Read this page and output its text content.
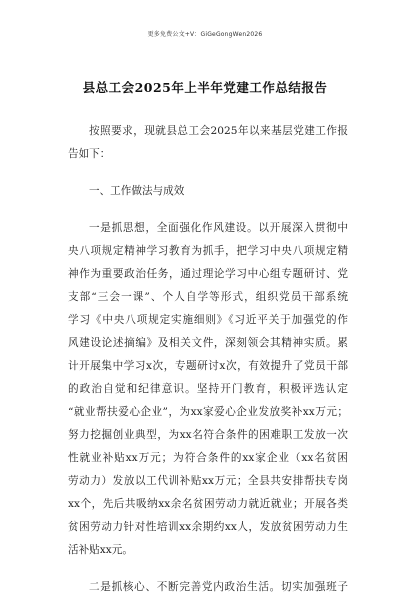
更多免费公文+V：GiGeGongWen2026
县总工会2025年上半年党建工作总结报告
按照要求，现就县总工会2025年以来基层党建工作报
告如下：
一、工作做法与成效
一是抓思想，全面强化作风建设。以开展深入贯彻中
央八项规定精神学习教育为抓手，把学习中央八项规定精
神作为重要政治任务，通过理论学习中心组专题研讨、党
支部“三会一课”、个人自学等形式，组织党员干部系统
学习《中央八项规定实施细则》《习近平关于加强党的作
风建设论述摘编》及相关文件，深刻领会其精神实质。累
计开展集中学习x次，专题研讨x次，有效提升了党员干部
的政治自觉和纪律意识。坚持开门教育，积极评选认定
“就业帮扶爱心企业”，为xx家爱心企业发放奖补xx万元；
努力挖掘创业典型，为xx名符合条件的困难职工发放一次
性就业补贴xx万元；为符合条件的xx家企业（xx名贫困
劳动力）发放以工代训补贴xx万元；全县共安排帮扶专岗
xx个，先后共吸纳xx余名贫困劳动力就近就业；开展各类
贫困劳动力针对性培训xx余期约xx人，发放贫困劳动力生
活补贴xx元。
二是抓核心、不断完善党内政治生活。切实加强班子
